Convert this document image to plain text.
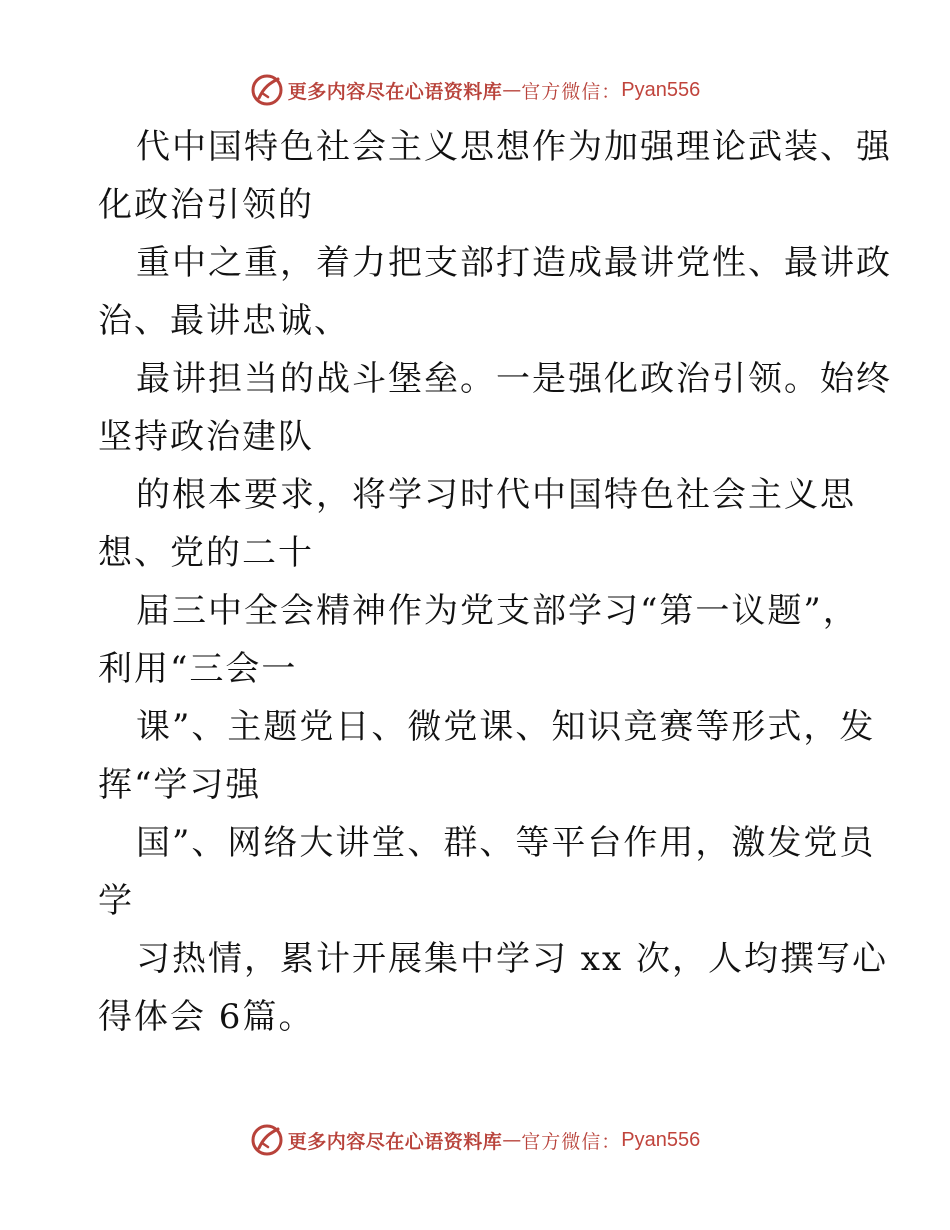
更多内容尽在心语资料库 — 官方微信： Pyan556
代中国特色社会主义思想作为加强理论武装、强
化政治引领的
重中之重，着力把支部打造成最讲党性、最讲政
治、最讲忠诚、
最讲担当的战斗堡垒。一是强化政治引领。始终
坚持政治建队
的根本要求，将学习时代中国特色社会主义思
想、党的二十
届三中全会精神作为党支部学习“第一议题”，
利用“三会一
课”、主题党日、微党课、知识竞赛等形式，发
挥“学习强
国”、网络大讲堂、群、等平台作用，激发党员
学
习热情，累计开展集中学习 xx 次，人均撰写心
得体会 6篇。
更多内容尽在心语资料库 — 官方微信： Pyan556
